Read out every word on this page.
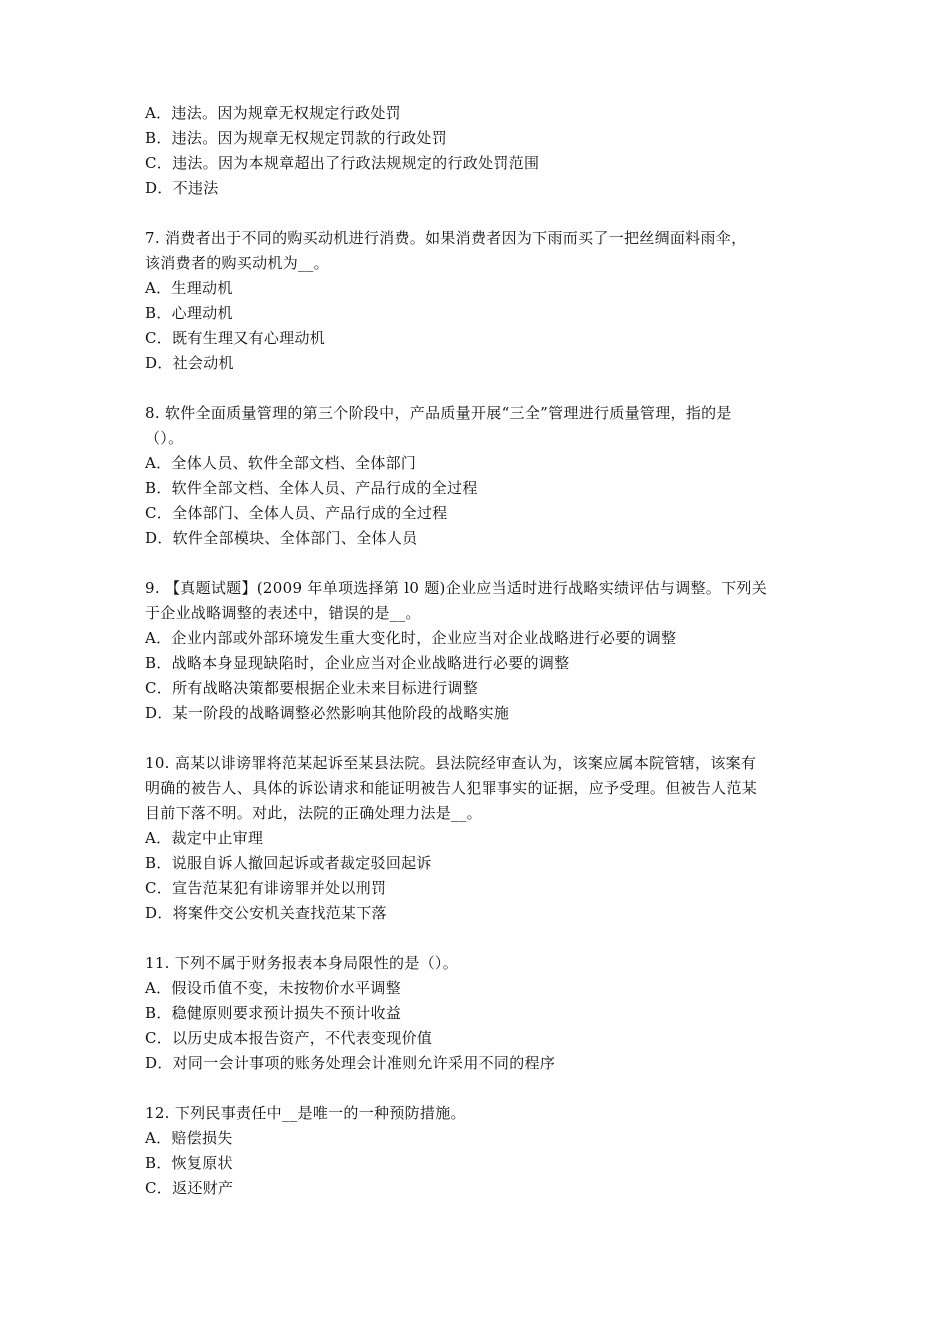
A．违法。因为规章无权规定行政处罚
B．违法。因为规章无权规定罚款的行政处罚
C．违法。因为本规章超出了行政法规规定的行政处罚范围
D．不违法
7. 消费者出于不同的购买动机进行消费。如果消费者因为下雨而买了一把丝绸面料雨伞，
该消费者的购买动机为__。
A．生理动机
B．心理动机
C．既有生理又有心理动机
D．社会动机
8. 软件全面质量管理的第三个阶段中，产品质量开展“三全”管理进行质量管理，指的是
（）。
A．全体人员、软件全部文档、全体部门
B．软件全部文档、全体人员、产品行成的全过程
C．全体部门、全体人员、产品行成的全过程
D．软件全部模块、全体部门、全体人员
9. 【真题试题】(2009 年单项选择第 l0 题)企业应当适时进行战略实绩评估与调整。下列关
于企业战略调整的表述中，错误的是__。
A．企业内部或外部环境发生重大变化时，企业应当对企业战略进行必要的调整
B．战略本身显现缺陷时，企业应当对企业战略进行必要的调整
C．所有战略决策都要根据企业未来目标进行调整
D．某一阶段的战略调整必然影响其他阶段的战略实施
10. 高某以诽谤罪将范某起诉至某县法院。县法院经审查认为，该案应属本院管辖，该案有
明确的被告人、具体的诉讼请求和能证明被告人犯罪事实的证据，应予受理。但被告人范某
目前下落不明。对此，法院的正确处理力法是__。
A．裁定中止审理
B．说服自诉人撤回起诉或者裁定驳回起诉
C．宣告范某犯有诽谤罪并处以刑罚
D．将案件交公安机关查找范某下落
11. 下列不属于财务报表本身局限性的是（）。
A．假设币值不变，未按物价水平调整
B．稳健原则要求预计损失不预计收益
C．以历史成本报告资产，不代表变现价值
D．对同一会计事项的账务处理会计准则允许采用不同的程序
12. 下列民事责任中__是唯一的一种预防措施。
A．赔偿损失
B．恢复原状
C．返还财产
